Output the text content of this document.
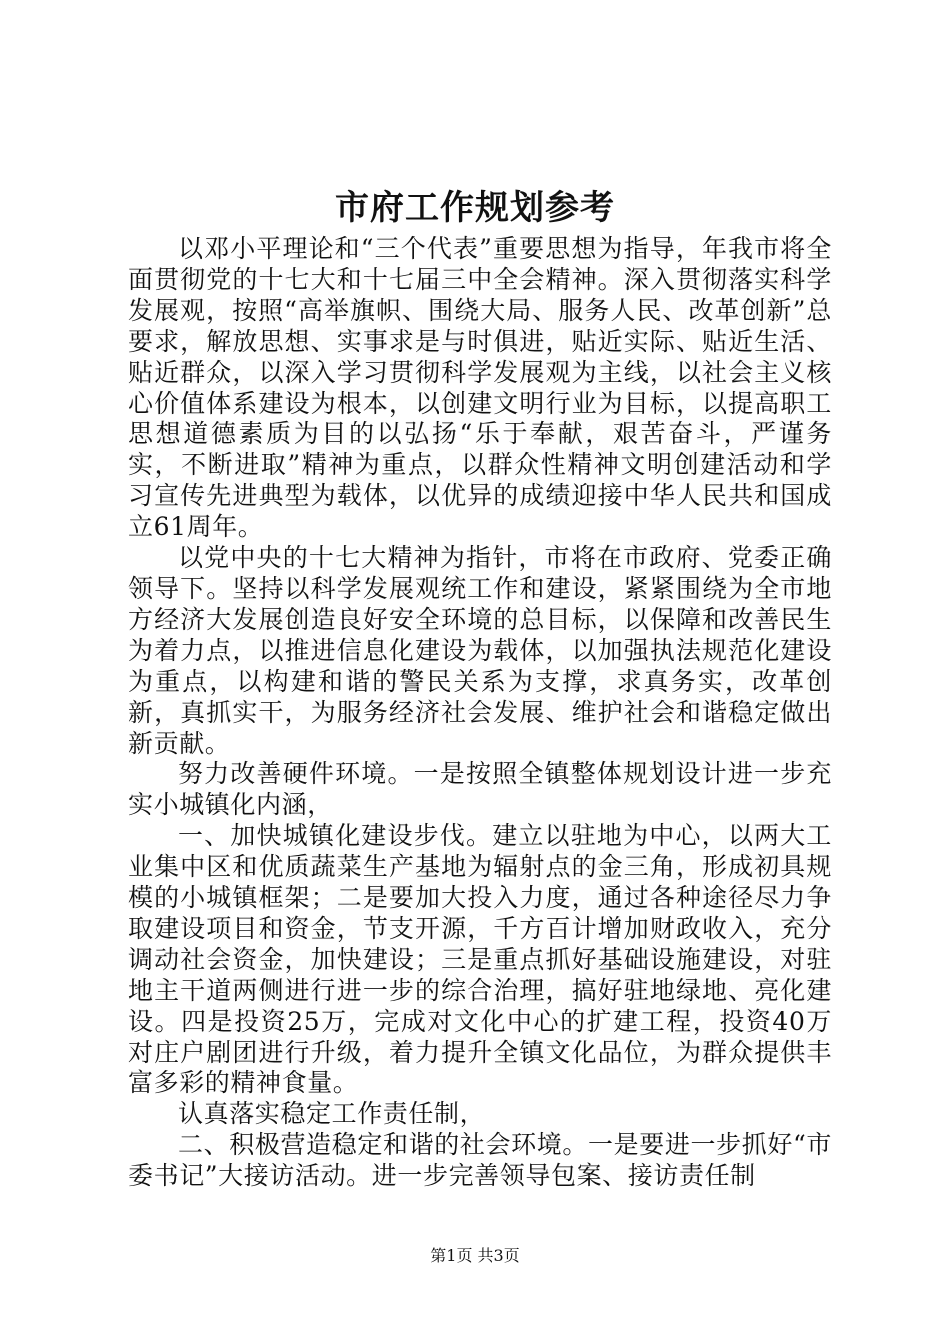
市府工作规划参考

以邓小平理论和“三个代表”重要思想为指导，年我市将全面贯彻党的十七大和十七届三中全会精神。深入贯彻落实科学发展观，按照“高举旗帜、围绕大局、服务人民、改革创新”总要求，解放思想、实事求是与时俱进，贴近实际、贴近生活、贴近群众，以深入学习贯彻科学发展观为主线，以社会主义核心价值体系建设为根本，以创建文明行业为目标，以提高职工思想道德素质为目的以弘扬“乐于奉献，艰苦奋斗，严谨务实，不断进取”精神为重点，以群众性精神文明创建活动和学习宣传先进典型为载体，以优异的成绩迎接中华人民共和国成立61周年。

以党中央的十七大精神为指针，市将在市政府、党委正确领导下。坚持以科学发展观统工作和建设，紧紧围绕为全市地方经济大发展创造良好安全环境的总目标，以保障和改善民生为着力点，以推进信息化建设为载体，以加强执法规范化建设为重点，以构建和谐的警民关系为支撑，求真务实，改革创新，真抓实干，为服务经济社会发展、维护社会和谐稳定做出新贡献。

努力改善硬件环境。一是按照全镇整体规划设计进一步充实小城镇化内涵，

一、加快城镇化建设步伐。建立以驻地为中心，以两大工业集中区和优质蔬菜生产基地为辐射点的金三角，形成初具规模的小城镇框架；二是要加大投入力度，通过各种途径尽力争取建设项目和资金，节支开源，千方百计增加财政收入，充分调动社会资金，加快建设；三是重点抓好基础设施建设，对驻地主干道两侧进行进一步的综合治理，搞好驻地绿地、亮化建设。四是投资25万，完成对文化中心的扩建工程，投资40万对庄户剧团进行升级，着力提升全镇文化品位，为群众提供丰富多彩的精神食量。

认真落实稳定工作责任制，

二、积极营造稳定和谐的社会环境。一是要进一步抓好“市委书记”大接访活动。进一步完善领导包案、接访责任制

第1页 共3页
